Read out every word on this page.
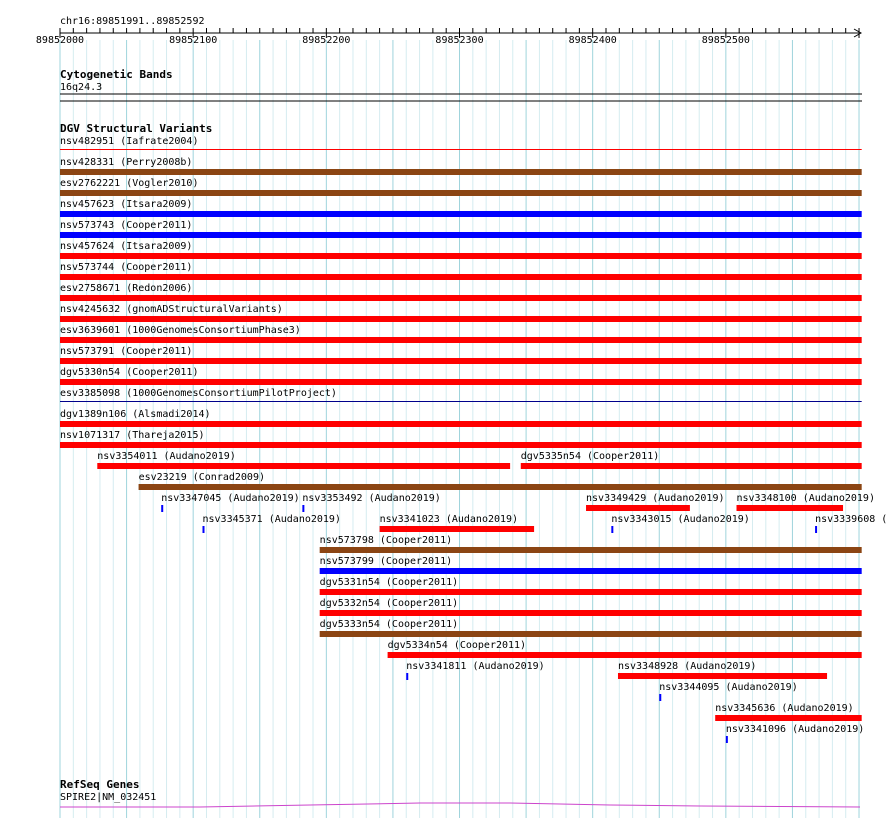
chr16:89851991..89852592
89852000	89852100	89852200	89852300	89852400	89852500
Cytogenetic Bands
16q24.3
DGV Structural Variants
nsv482951 (Iafrate2004)
nsv428331 (Perry2008b)
esv2762221 (Vogler2010)
nsv457623 (Itsara2009)
nsv573743 (Cooper2011)
nsv457624 (Itsara2009)
nsv573744 (Cooper2011)
esv2758671 (Redon2006)
nsv4245632 (gnomADStructuralVariants)
esv3639601 (1000GenomesConsortiumPhase3)
nsv573791 (Cooper2011)
dgv5330n54 (Cooper2011)
esv3385098 (1000GenomesConsortiumPilotProject)
dgv1389n106 (Alsmadi2014)
nsv1071317 (Thareja2015)
nsv3354011 (Audano2019)	dgv5335n54 (Cooper2011)
esv23219 (Conrad2009)
nsv3347045 (Audano2019) nsv3353492 (Audano2019)	nsv3349429 (Audano2019) nsv3348100 (Audano2019)
nsv3345371 (Audano2019)	nsv3341023 (Audano2019)	nsv3343015 (Audano2019)	nsv3339608 (
nsv573798 (Cooper2011)
nsv573799 (Cooper2011)
dgv5331n54 (Cooper2011)
dgv5332n54 (Cooper2011)
dgv5333n54 (Cooper2011)
dgv5334n54 (Cooper2011)
nsv3341811 (Audano2019)	nsv3348928 (Audano2019)
nsv3344095 (Audano2019)
nsv3345636 (Audano2019)
nsv3341096 (Audano2019)
RefSeq Genes
SPIRE2|NM_032451
